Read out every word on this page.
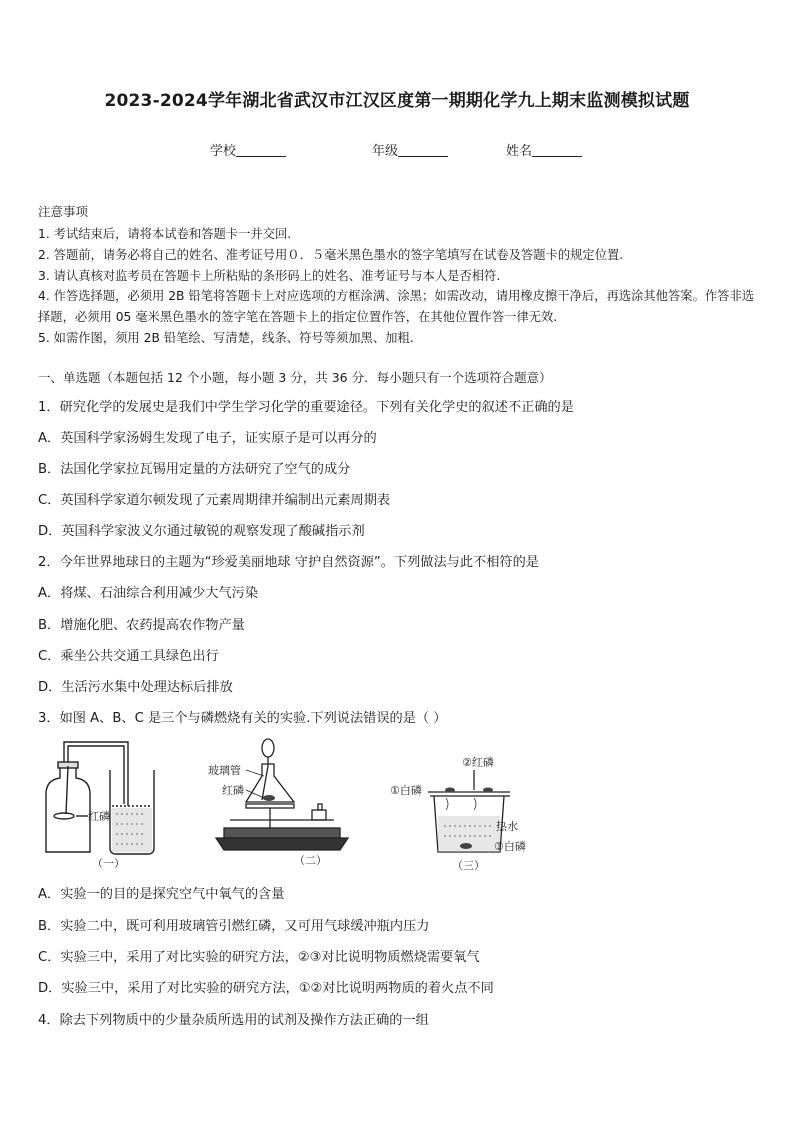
2023-2024学年湖北省武汉市江汉区度第一期期化学九上期末监测模拟试题
学校	年级	姓名
注意事项

1. 考试结束后，请将本试卷和答题卡一并交回.

2. 答题前，请务必将自己的姓名、准考证号用０．５毫米黑色墨水的签字笔填写在试卷及答题卡的规定位置.

3. 请认真核对监考员在答题卡上所粘贴的条形码上的姓名、准考证号与本人是否相符.

4. 作答选择题，必须用 2B 铅笔将答题卡上对应选项的方框涂满、涂黑；如需改动，请用橡皮擦干净后，再选涂其他答案。作答非选择题，必须用 05 毫米黑色墨水的签字笔在答题卡上的指定位置作答，在其他位置作答一律无效.

5. 如需作图，须用 2B 铅笔绘、写清楚，线条、符号等须加黑、加粗.

一、单选题（本题包括 12 个小题，每小题 3 分，共 36 分．每小题只有一个选项符合题意）
1．研究化学的发展史是我们中学生学习化学的重要途径。下列有关化学史的叙述不正确的是
A．英国科学家汤姆生发现了电子，证实原子是可以再分的
B．法国化学家拉瓦锡用定量的方法研究了空气的成分
C．英国科学家道尔顿发现了元素周期律并编制出元素周期表
D．英国科学家波义尔通过敏锐的观察发现了酸碱指示剂
2．今年世界地球日的主题为“珍爱美丽地球 守护自然资源”。下列做法与此不相符的是
A．将煤、石油综合利用减少大气污染
B．增施化肥、农药提高农作物产量
C．乘坐公共交通工具绿色出行
D．生活污水集中处理达标后排放
3．如图 A、B、C 是三个与磷燃烧有关的实验.下列说法错误的是（ ）
红磷
（一）
玻璃管
红磷
（二）
②红磷
①白磷
热水
③白磷
（三）
A．实验一的目的是探究空气中氧气的含量
B．实验二中，既可利用玻璃管引燃红磷，又可用气球缓冲瓶内压力
C．实验三中，采用了对比实验的研究方法，②③对比说明物质燃烧需要氧气
D．实验三中，采用了对比实验的研究方法，①②对比说明两物质的着火点不同
4．除去下列物质中的少量杂质所选用的试剂及操作方法正确的一组
